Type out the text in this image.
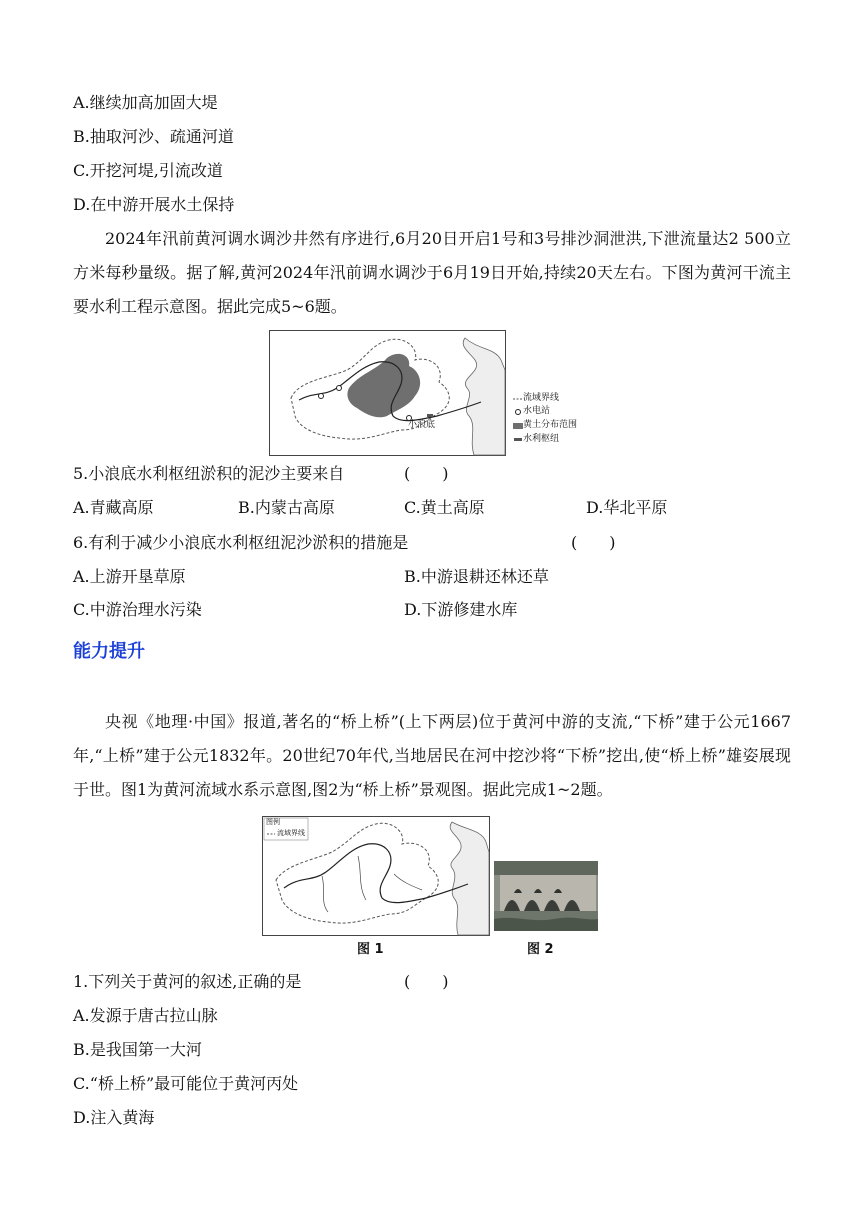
A.继续加高加固大堤
B.抽取河沙、疏通河道
C.开挖河堤,引流改道
D.在中游开展水土保持
2024年汛前黄河调水调沙井然有序进行,6月20日开启1号和3号排沙洞泄洪,下泄流量达2 500立方米每秒量级。据了解,黄河2024年汛前调水调沙于6月19日开始,持续20天左右。下图为黄河干流主要水利工程示意图。据此完成5~6题。
流域界线
水电站
黄土分布范围
水利枢纽
小浪底
5.小浪底水利枢纽淤积的泥沙主要来自	(　　)
A.青藏高原	B.内蒙古高原	C.黄土高原	D.华北平原
6.有利于减少小浪底水利枢纽泥沙淤积的措施是	(　　)
A.上游开垦草原	B.中游退耕还林还草
C.中游治理水污染	D.下游修建水库
能力提升
央视《地理·中国》报道,著名的“桥上桥”(上下两层)位于黄河中游的支流,“下桥”建于公元1667年,“上桥”建于公元1832年。20世纪70年代,当地居民在河中挖沙将“下桥”挖出,使“桥上桥”雄姿展现于世。图1为黄河流域水系示意图,图2为“桥上桥”景观图。据此完成1~2题。
图例
流域界线
图 1	图 2
1.下列关于黄河的叙述,正确的是	(　　)
A.发源于唐古拉山脉
B.是我国第一大河
C.“桥上桥”最可能位于黄河丙处
D.注入黄海
